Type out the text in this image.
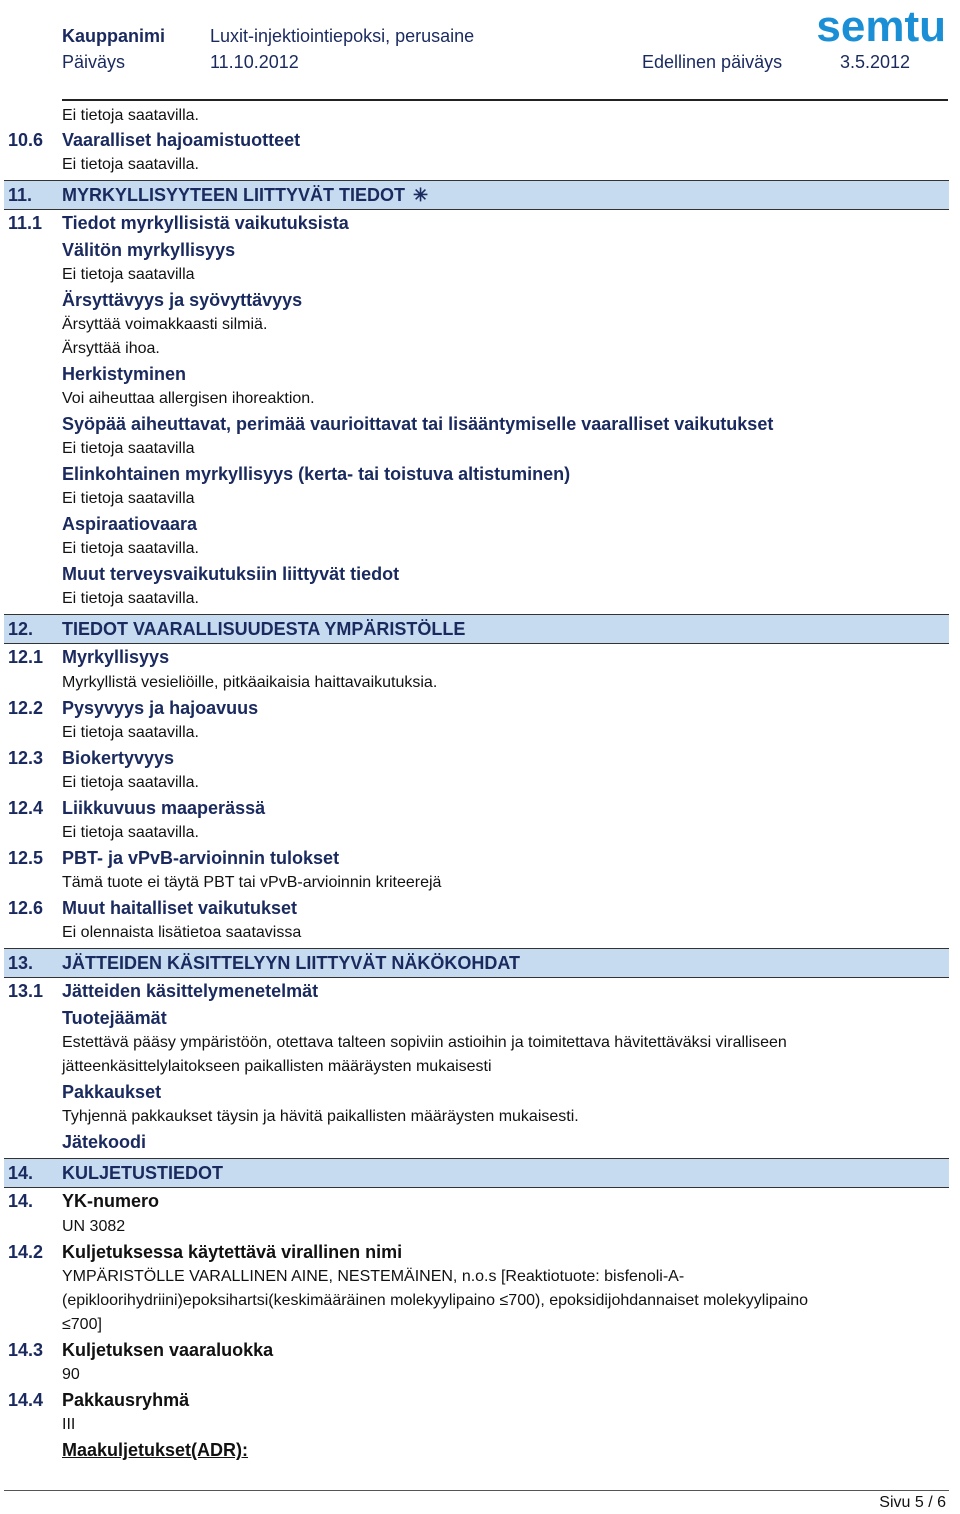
Kauppanimi Luxit-injektiointiepoksi, perusaine
Päiväys	11.10.2012	Edellinen päiväys	3.5.2012
semtu
Ei tietoja saatavilla.
10.6 Vaaralliset hajoamistuotteet
Ei tietoja saatavilla.
11. MYRKYLLISYYTEEN LIITTYVÄT TIEDOT ✳
11.1 Tiedot myrkyllisistä vaikutuksista
Välitön myrkyllisyys
Ei tietoja saatavilla
Ärsyttävyys ja syövyttävyys
Ärsyttää voimakkaasti silmiä.
Ärsyttää ihoa.
Herkistyminen
Voi aiheuttaa allergisen ihoreaktion.
Syöpää aiheuttavat, perimää vaurioittavat tai lisääntymiselle vaaralliset vaikutukset
Ei tietoja saatavilla
Elinkohtainen myrkyllisyys (kerta- tai toistuva altistuminen)
Ei tietoja saatavilla
Aspiraatiovaara
Ei tietoja saatavilla.
Muut terveysvaikutuksiin liittyvät tiedot
Ei tietoja saatavilla.
12. TIEDOT VAARALLISUUDESTA YMPÄRISTÖLLE
12.1 Myrkyllisyys
Myrkyllistä vesieliöille, pitkäaikaisia haittavaikutuksia.
12.2 Pysyvyys ja hajoavuus
Ei tietoja saatavilla.
12.3 Biokertyvyys
Ei tietoja saatavilla.
12.4 Liikkuvuus maaperässä
Ei tietoja saatavilla.
12.5 PBT- ja vPvB-arvioinnin tulokset
Tämä tuote ei täytä PBT tai vPvB-arvioinnin kriteerejä
12.6 Muut haitalliset vaikutukset
Ei olennaista lisätietoa saatavissa
13. JÄTTEIDEN KÄSITTELYYN LIITTYVÄT NÄKÖKOHDAT
13.1 Jätteiden käsittelymenetelmät
Tuotejäämät
Estettävä pääsy ympäristöön, otettava talteen sopiviin astioihin ja toimitettava hävitettäväksi viralliseen
jätteenkäsittelylaitokseen paikallisten määräysten mukaisesti
Pakkaukset
Tyhjennä pakkaukset täysin ja hävitä paikallisten määräysten mukaisesti.
Jätekoodi
14. KULJETUSTIEDOT
14. YK-numero
UN 3082
14.2 Kuljetuksessa käytettävä virallinen nimi
YMPÄRISTÖLLE VARALLINEN AINE, NESTEMÄINEN, n.o.s [Reaktiotuote: bisfenoli-A-
(epikloorihydriini)epoksihartsi(keskimääräinen molekyylipaino ≤700), epoksidijohdannaiset molekyylipaino
≤700]
14.3 Kuljetuksen vaaraluokka
90
14.4 Pakkausryhmä
III
Maakuljetukset(ADR):
Sivu 5 / 6
